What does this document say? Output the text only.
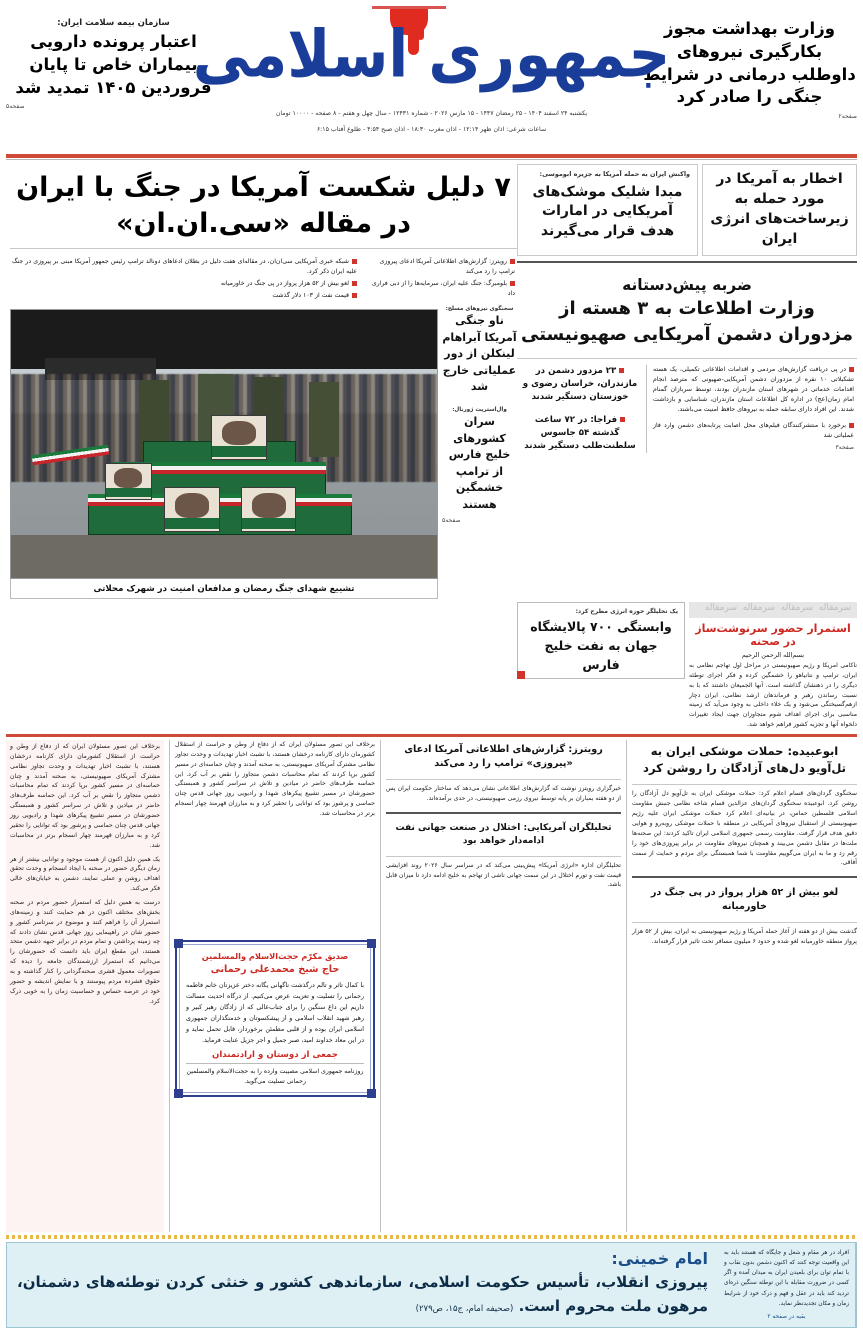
وزارت بهداشت مجوز بکارگیری نیروهای داوطلب درمانی در شرایط جنگی را صادر کرد
صفحه۲
جمهوری اسلامی
یکشنبه ۲۴ اسفند ۱۴۰۴ - ۲۵ رمضان ۱۴۴۷ - ۱۵ مارس ۲۰۲۶ - شماره ۱۲۴۳۱ - سال چهل و هفتم - ۸ صفحه - ۱۰۰۰۰ تومان
ساعات شرعی: اذان ظهر ۱۲:۱۴ - اذان مغرب ۱۸:۳۰ - اذان صبح ۴:۵۴ - طلوع آفتاب ۶:۱۵
سازمان بیمه سلامت ایران:
اعتبار پرونده دارویی بیماران خاص تا پایان فروردین ۱۴۰۵ تمدید شد
صفحه۵
اخطار به آمریکا در مورد حمله به زیرساخت‌های انرژی ایران
واکنش ایران به حمله آمریکا به جزیره ابوموسی:
مبدا شلیک موشک‌های آمریکایی در امارات هدف قرار می‌گیرند
ضربه پیش‌دستانه
وزارت اطلاعات به ۳ هسته از
مزدوران دشمن آمریکایی صهیونیستی
در پی دریافت گزارش‌های مردمی و اقدامات اطلاعاتی تکمیلی، یک هسته تشکیلاتی ۱۰ نفره از مزدوران دشمن آمریکایی-صهیونی که مترصد انجام اقدامات خدماتی در شهرهای استان مازندران بودند، توسط سربازان گمنام امام زمان(عج) در اداره کل اطلاعات استان مازندران، شناسایی و بازداشت شدند. این افراد دارای سابقه حمله به نیروهای حافظ امنیت می‌باشند.
برخورد با منتشرکنندگان فیلم‌های محل اصابت پرتابه‌های دشمن وارد فاز عملیاتی شد
صفحه۳
۲۳ مزدور دشمن در مازندران، خراسان رضوی و خوزستان دستگیر شدند
فراجا: در ۷۲ ساعت گذشته ۵۴ جاسوس سلطنت‌طلب دستگیر شدند
۷ دلیل شکست آمریکا در جنگ با ایران در مقاله «سی.ان.ان»
رویترز: گزارش‌های اطلاعاتی آمریکا ادعای پیروزی ترامپ را رد می‌کند
شبکه خبری آمریکایی سی‌ان‌ان، در مقاله‌ای هفت دلیل در بطلان ادعاهای دونالد ترامپ رئیس جمهور آمریکا مبنی بر پیروزی در جنگ علیه ایران ذکر کرد.
بلومبرگ: جنگ علیه ایران، سرمایه‌ها را از دبی فراری داد
لغو بیش از ۵۲ هزار پرواز در پی جنگ در خاورمیانه
قیمت نفت از ۱۰۳ دلار گذشت
سخنگوی نیروهای مسلح:
ناو جنگی آمریکا آبراهام لینکلن از دور عملیاتی خارج شد
وال‌استریت ژورنال:
سران کشورهای خلیج فارس از ترامپ خشمگین هستند
صفحه۵
تشییع شهدای جنگ رمضان و مدافعان امنیت در شهرک محلاتی
سرمقاله
سرمقاله
سرمقاله
سرمقاله
استمرار حضور سرنوشت‌ساز در صحنه
بسم‌الله الرحمن الرحیم
ناکامی امریکا و رژیم صهیونیستی در مراحل اول تهاجم نظامی به ایران، ترامپ و نتانیاهو را خشمگین کرده و فکر اجرای توطئه دیگری را در ذهنشان گذاشته است. آنها الجمیعان داشتند که با به نسبت رساندن رهبر و فرماندهان ارشد نظامی، ایران دچار ازهم‌گسیختگی می‌شود و یک خلاء داخلی به وجود می‌آید که زمینه مناسبی برای اجرای اهداف شوم متجاوزان جهت ایجاد تغییرات دلخواه آنها و تجزیه کشور فراهم خواهد شد.
یک تحلیلگر حوزه انرژی مطرح کرد:
وابستگی ۷۰۰ پالایشگاه جهان به نفت خلیج فارس
ابوعبیده: حملات موشکی ایران به تل‌آویو دل‌های آزادگان را روشن کرد
سخنگوی گردان‌های قسام اعلام کرد: حملات موشکی ایران به تل‌آویو دل آزادگان را روشن کرد. ابوعبیده سخنگوی گردان‌های عزالدین قسام شاخه نظامی جنبش مقاومت اسلامی فلسطین حماس، در بیانیه‌ای اعلام کرد حملات موشکی ایران علیه رژیم صهیونیستی از استقبال نیروهای آمریکایی در منطقه با حملات موشکی روبه‌رو و هوایی دقیق هدف قرار گرفت. مقاومت رسمی جمهوری اسلامی ایران تاکید کردند: این صحنه‌ها ملت‌ها در مقابل دشمن می‌بیند و همچنان نیروهای مقاومت در برابر پیروزی‌های خود را رقم زد و ما به ایران می‌گوییم مقاومت با شما همبستگی برای مردم و حمایت از سمت آفاقی.
لغو بیش از ۵۲ هزار پرواز در پی جنگ در خاورمیانه
گذشت بیش از دو هفته از آغاز حمله آمریکا و رژیم صهیونیستی به ایران، بیش از ۵۲ هزار پرواز منطقه خاورمیانه لغو شده و حدود ۶ میلیون مسافر تحت تاثیر قرار گرفته‌اند.
رویترز: گزارش‌های اطلاعاتی آمریکا ادعای «پیروزی» ترامپ را رد می‌کند
خبرگزاری رویترز نوشت که گزارش‌های اطلاعاتی نشان می‌دهد که ساختار حکومت ایران پس از دو هفته بمباران بر پایه توسط نیروی رزمی صهیونیستی، در حدی برآمده‌اند.
تحلیلگران آمریکایی: اختلال در صنعت جهانی نفت ادامه‌دار خواهد بود
تحلیلگران اداره «انرژی آمریکا» پیش‌بینی می‌کند که در سراسر سال ۲۰۲۶ روند افزایشی قیمت نفت و تورم اختلال در این سمت جهانی ناشی از تهاجم به خلیج ادامه دارد تا میزان قابل باشد.
برخلاف این تصور مسئولان ایران که از دفاع از وطن و حراست از استقلال کشورمان دارای کارنامه درخشان هستند، با تشبث اخبار تهدیدات و وحدت تجاوز نظامی مشترک آمریکای صهیونیستی، به صحنه آمدند و چنان حماسه‌ای در مسیر کشور برپا کردند که تمام محاسبات دشمن متجاوز را نقض بر آب کرد. این حماسه طرف‌های حاضر در میادین و تلاش در سراسر کشور و همبستگی حضور‌شان در مسیر تشییع پیکرهای شهدا و رادیویی روز جهانی قدس چنان حماسی و پرشور بود که توانایی را تحقیر کرد و به مبارزان قهرمند چهار انسجام برتر در محاسبات شد.
صدیق مکرّم حجت‌الاسلام والمسلمین
حاج شیخ محمدعلی رحمانی
با کمال تاثر و تالم درگذشت ناگهانی یگانه دختر عزیزتان خانم فاطمه رحمانی را تسلیت و تعزیت عرض می‌کنیم. از درگاه احدیت مسالت داریم این داغ سنگین را برای جناب‌عالی که از زادگان رهبر کبیر و رهبر شهید انقلاب اسلامی و از پیشکسوتان و خدمتگذاران جمهوری اسلامی ایران بوده و از قلبی مطمئن برخوردار، قابل تحمل نماید و در این معاد خداوند امید، صبر جمیل و اجر جزیل عنایت فرماید.
جمعی از دوستان و ارادتمندان
روزنامه جمهوری اسلامی مصیبت وارده را به حجت‌الاسلام والمسلمین رحمانی تسلیت می‌گوید.
برخلاف این تصور مسئولان ایران که از دفاع از وطن و حراست از استقلال کشورمان دارای کارنامه درخشان هستند، با تشبث اخبار تهدیدات و وحدت تجاوز نظامی مشترک آمریکای صهیونیستی، به صحنه آمدند و چنان حماسه‌ای در مسیر کشور برپا کردند که تمام محاسبات دشمن متجاوز را نقض بر آب کرد. این حماسه طرف‌های حاضر در میادین و تلاش در سراسر کشور و همبستگی حضور‌شان در مسیر تشییع پیکرهای شهدا و رادیویی روز جهانی قدس چنان حماسی و پرشور بود که توانایی را تحقیر کرد و به مبارزان قهرمند چهار انسجام برتر در محاسبات شد.
یک همین دلیل اکنون از هست موجود و توانایی بیشتر از هر زمان دیگری حضور در صحنه با ایجاد انسجام و وحدت تحقق اهداف روشن و عملی نمایند، دشمن به خیابان‌های خالی فکر می‌کند.
درست به همین دلیل که استمرار حضور مردم در صحنه بخش‌های مختلف اکنون در هم حمایت کنند و زمینه‌های استمرار آن را فراهم کنند و موضوع در سرتاسر کشور و حضور شان در راهپیمایی روز جهانی قدس نشان دادند که چه زمینه پرداشتن و تمام مردم در برابر جبهه دشمن متحد هستند، این مقطع ایران باید دانست که حضورشان را می‌دانیم که استمرار ارزشمندگان جامعه را دیده که تصویرات معمول قشری صحنه‌گردانی را کنار گذاشته و به حقوق فشرده مردم پیوستند و با نمایش اندیشه و حضور خود در عرصه حساس و حساسیت زمان را به خوبی درک کرد.
افراد در هر مقام و شغل و جایگاه که هستند باید به این واقعیت توجه کنند که اکنون دشمن بدون نقاب و با تمام توان برای بلعیدن ایران به میدان آمده و اگر کسی در ضرورت مقابله با این توطئه سنگین ذره‌ای تردید کند باید در عقل و فهم و درک خود از شرایط زمان و مکان تجدیدنظر نماید.
بقیه در صفحه ۲
امام خمینی:
پیروزی انقلاب، تأسیس حکومت اسلامی، سازماندهی کشور و خنثی کردن توطئه‌های دشمنان، مرهون ملت محروم است. (صحیفه امام، ج۱۵، ص۲۷۹)
